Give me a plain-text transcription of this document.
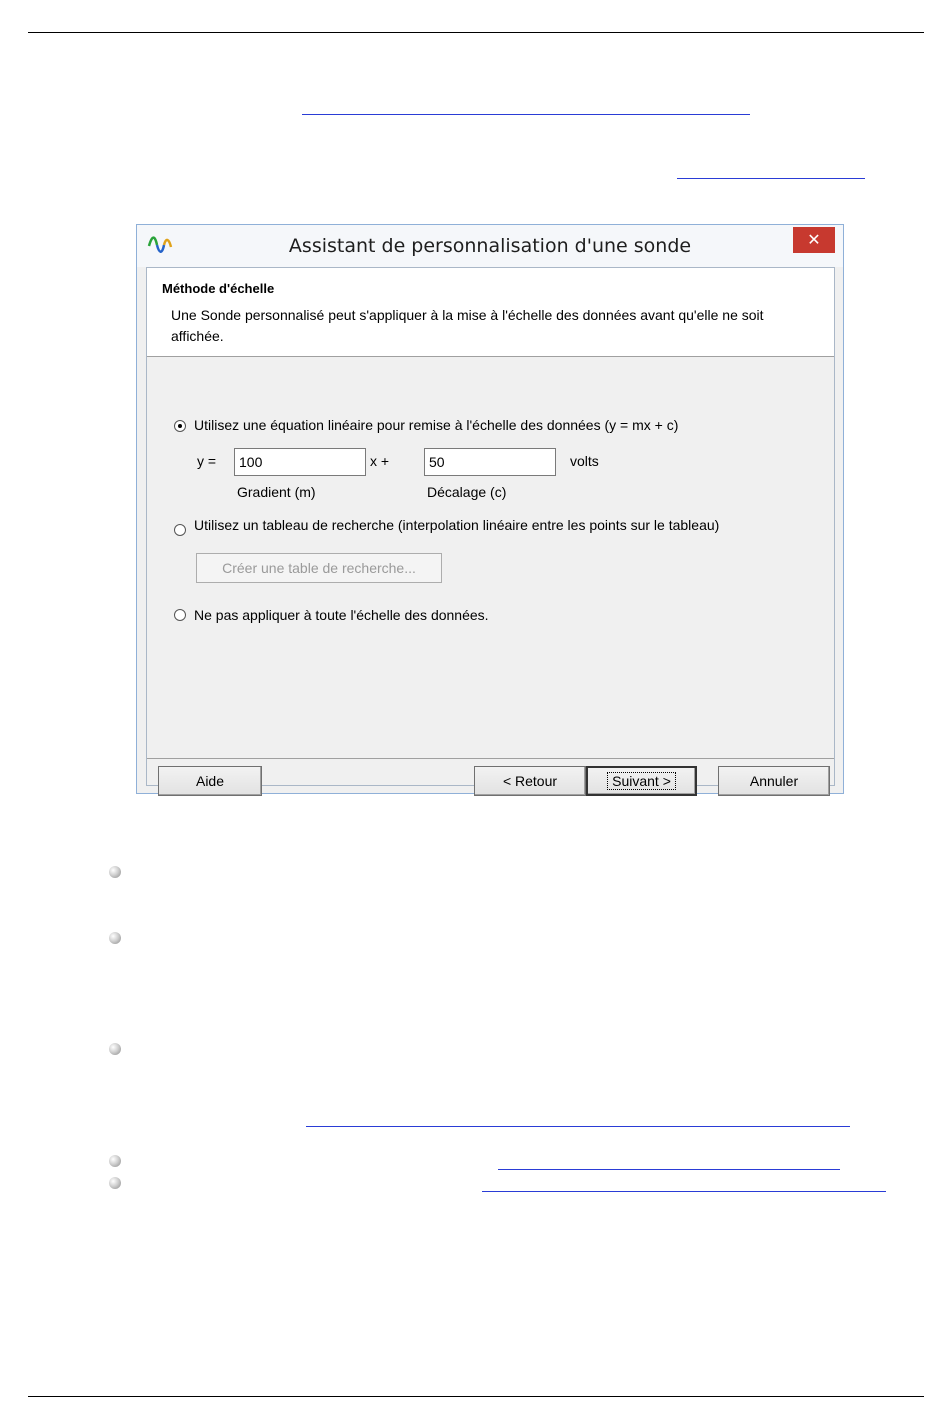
Assistant de personnalisation d'une sonde	✕
Méthode d'échelle
Une Sonde personnalisé peut s'appliquer à la mise à l'échelle des données avant qu'elle ne soit affichée.
Utilisez une équation linéaire pour remise à l'échelle des données (y = mx + c)
y =
100	x +
50	volts
Gradient (m)	Décalage (c)
Utilisez un tableau de recherche (interpolation linéaire entre les points sur le tableau)
Créer une table de recherche...
Ne pas appliquer à toute l'échelle des données.
Aide	< Retour	Suivant >	Annuler
